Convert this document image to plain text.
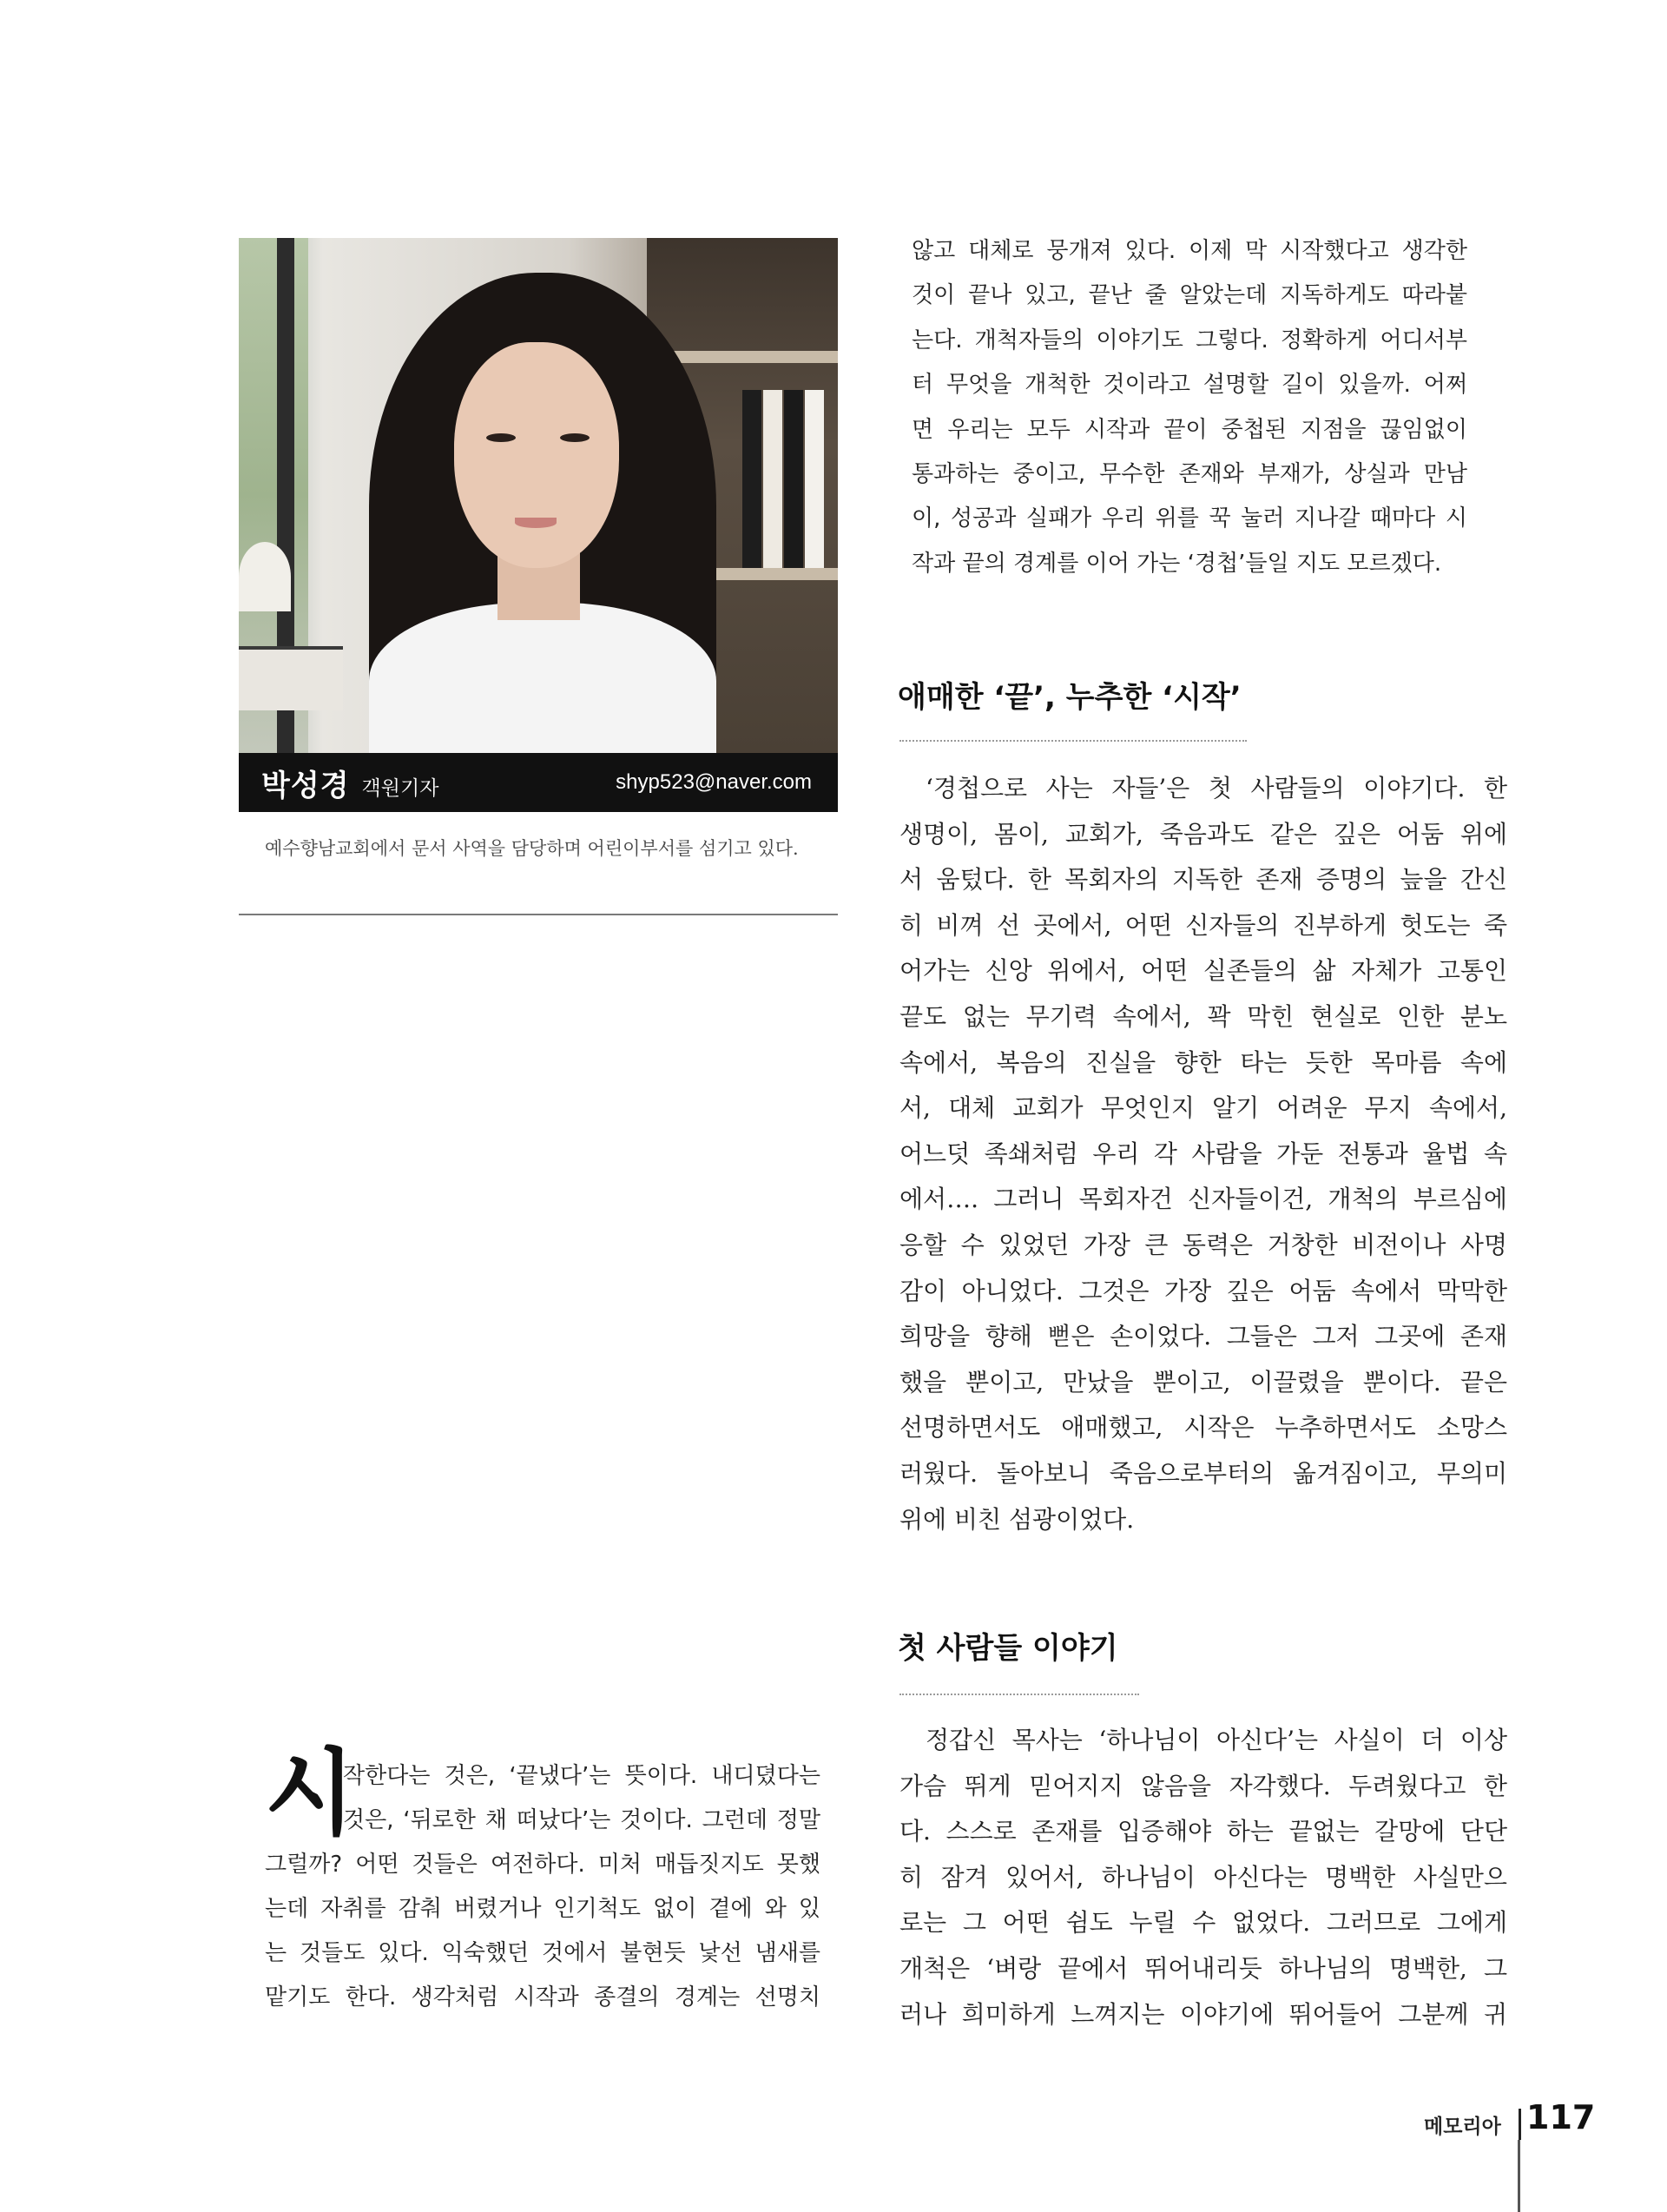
박성경 객원기자	shyp523@naver.com
예수향남교회에서 문서 사역을 담당하며 어린이부서를 섬기고 있다.
시
작한다는 것은, ‘끝냈다’는 뜻이다. 내디뎠다는
것은, ‘뒤로한 채 떠났다’는 것이다. 그런데 정말
그럴까? 어떤 것들은 여전하다. 미처 매듭짓지도 못했
는데 자취를 감춰 버렸거나 인기척도 없이 곁에 와 있
는 것들도 있다. 익숙했던 것에서 불현듯 낯선 냄새를
맡기도 한다. 생각처럼 시작과 종결의 경계는 선명치
않고 대체로 뭉개져 있다. 이제 막 시작했다고 생각한
것이 끝나 있고, 끝난 줄 알았는데 지독하게도 따라붙
는다. 개척자들의 이야기도 그렇다. 정확하게 어디서부
터 무엇을 개척한 것이라고 설명할 길이 있을까. 어쩌
면 우리는 모두 시작과 끝이 중첩된 지점을 끊임없이
통과하는 중이고, 무수한 존재와 부재가, 상실과 만남
이, 성공과 실패가 우리 위를 꾹 눌러 지나갈 때마다 시
작과 끝의 경계를 이어 가는 ‘경첩’들일 지도 모르겠다.
애매한 ‘끝’, 누추한 ‘시작’
‘경첩으로 사는 자들’은 첫 사람들의 이야기다. 한
생명이, 몸이, 교회가, 죽음과도 같은 깊은 어둠 위에
서 움텄다. 한 목회자의 지독한 존재 증명의 늪을 간신
히 비껴 선 곳에서, 어떤 신자들의 진부하게 헛도는 죽
어가는 신앙 위에서, 어떤 실존들의 삶 자체가 고통인
끝도 없는 무기력 속에서, 꽉 막힌 현실로 인한 분노
속에서, 복음의 진실을 향한 타는 듯한 목마름 속에
서, 대체 교회가 무엇인지 알기 어려운 무지 속에서,
어느덧 족쇄처럼 우리 각 사람을 가둔 전통과 율법 속
에서…. 그러니 목회자건 신자들이건, 개척의 부르심에
응할 수 있었던 가장 큰 동력은 거창한 비전이나 사명
감이 아니었다. 그것은 가장 깊은 어둠 속에서 막막한
희망을 향해 뻗은 손이었다. 그들은 그저 그곳에 존재
했을 뿐이고, 만났을 뿐이고, 이끌렸을 뿐이다. 끝은
선명하면서도 애매했고, 시작은 누추하면서도 소망스
러웠다. 돌아보니 죽음으로부터의 옮겨짐이고, 무의미
위에 비친 섬광이었다.
첫 사람들 이야기
정갑신 목사는 ‘하나님이 아신다’는 사실이 더 이상
가슴 뛰게 믿어지지 않음을 자각했다. 두려웠다고 한
다. 스스로 존재를 입증해야 하는 끝없는 갈망에 단단
히 잠겨 있어서, 하나님이 아신다는 명백한 사실만으
로는 그 어떤 쉼도 누릴 수 없었다. 그러므로 그에게
개척은 ‘벼랑 끝에서 뛰어내리듯 하나님의 명백한, 그
러나 희미하게 느껴지는 이야기에 뛰어들어 그분께 귀
메모리아 117
